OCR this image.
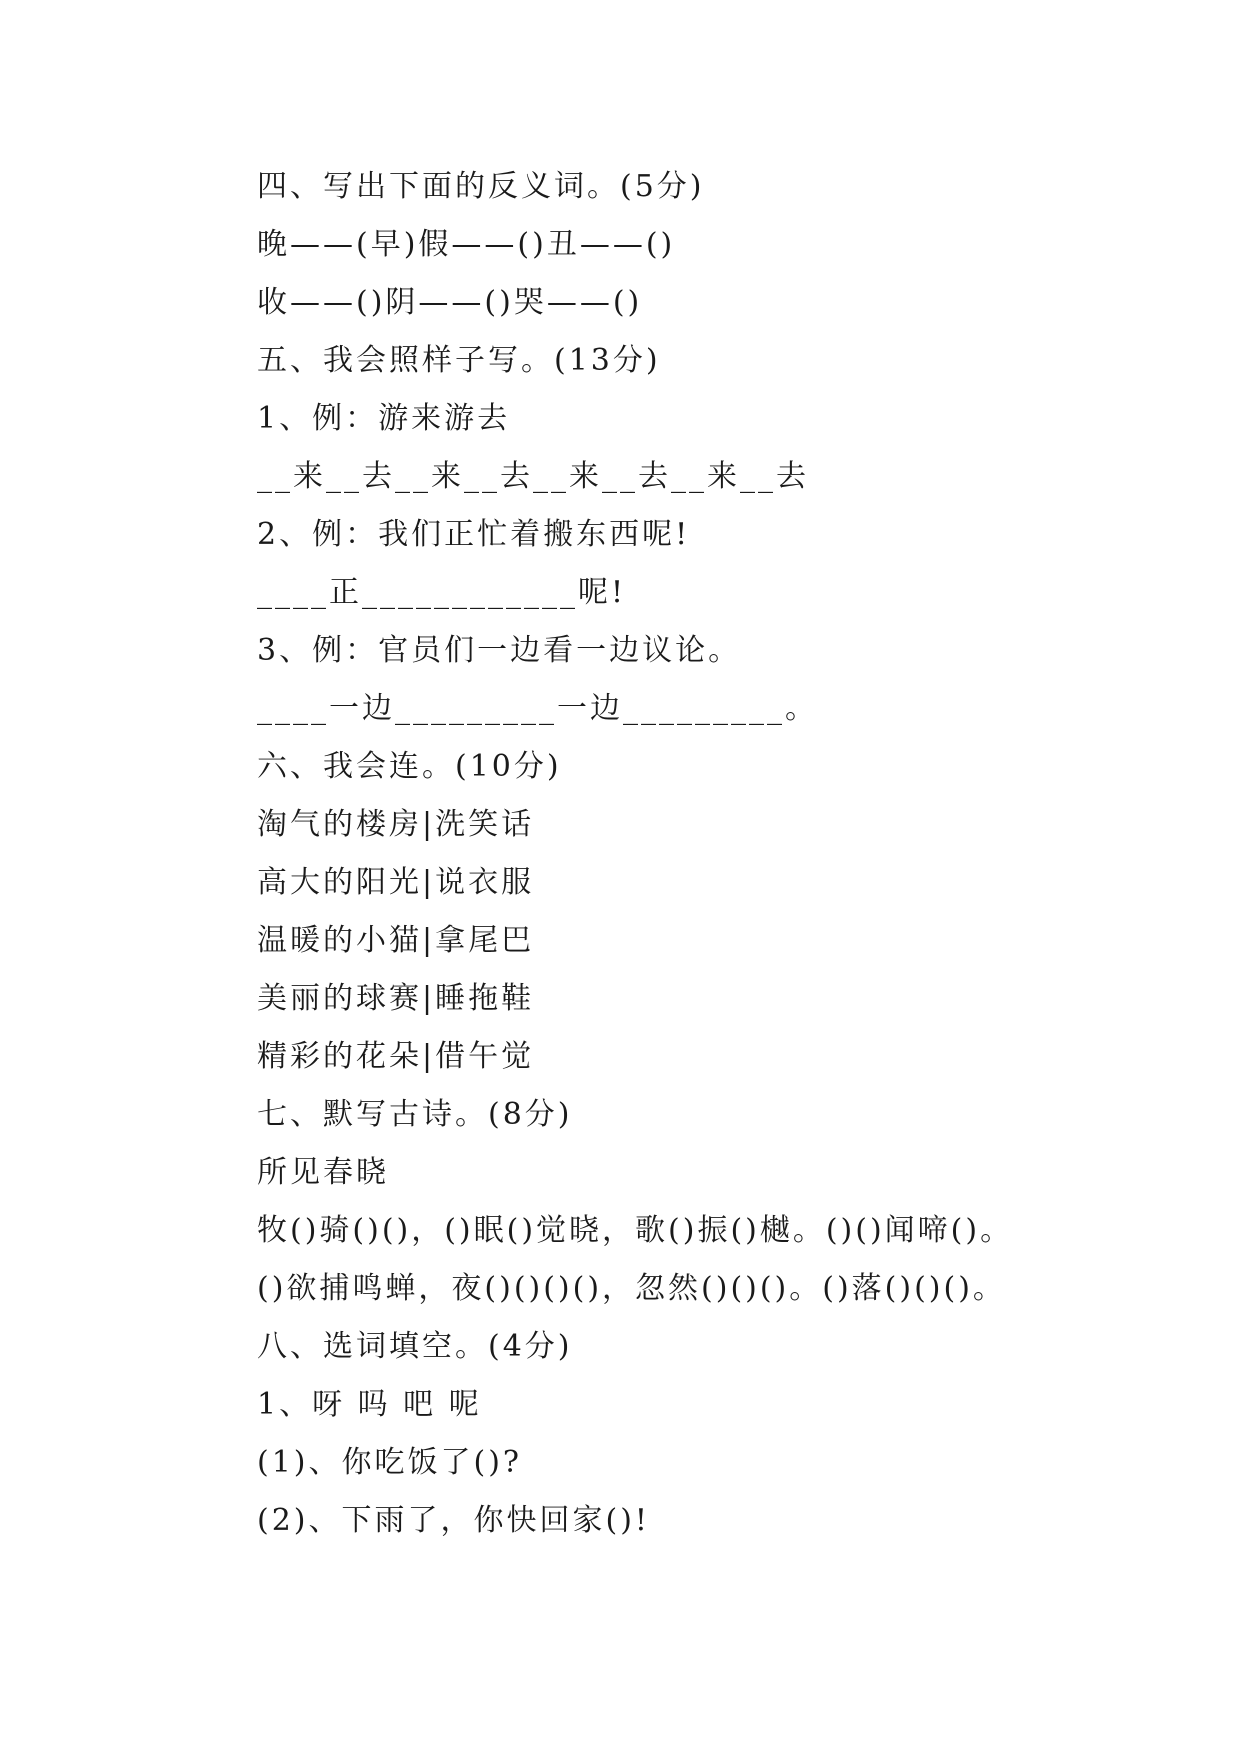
四、写出下面的反义词。(5分)
晚——(早)假——()丑——()
收——()阴——()哭——()
五、我会照样子写。(13分)
1、例：游来游去
__来__去__来__去__来__去__来__去
2、例：我们正忙着搬东西呢!
____正____________呢!
3、例：官员们一边看一边议论。
____一边_________一边_________。
六、我会连。(10分)
淘气的楼房|洗笑话
高大的阳光|说衣服
温暖的小猫|拿尾巴
美丽的球赛|睡拖鞋
精彩的花朵|借午觉
七、默写古诗。(8分)
所见春晓
牧()骑()()，()眠()觉晓，歌()振()樾。()()闻啼()。
()欲捕鸣蝉，夜()()()()，忽然()()()。()落()()()。
八、选词填空。(4分)
1、呀 吗 吧 呢
(1)、你吃饭了()?
(2)、下雨了，你快回家()!
